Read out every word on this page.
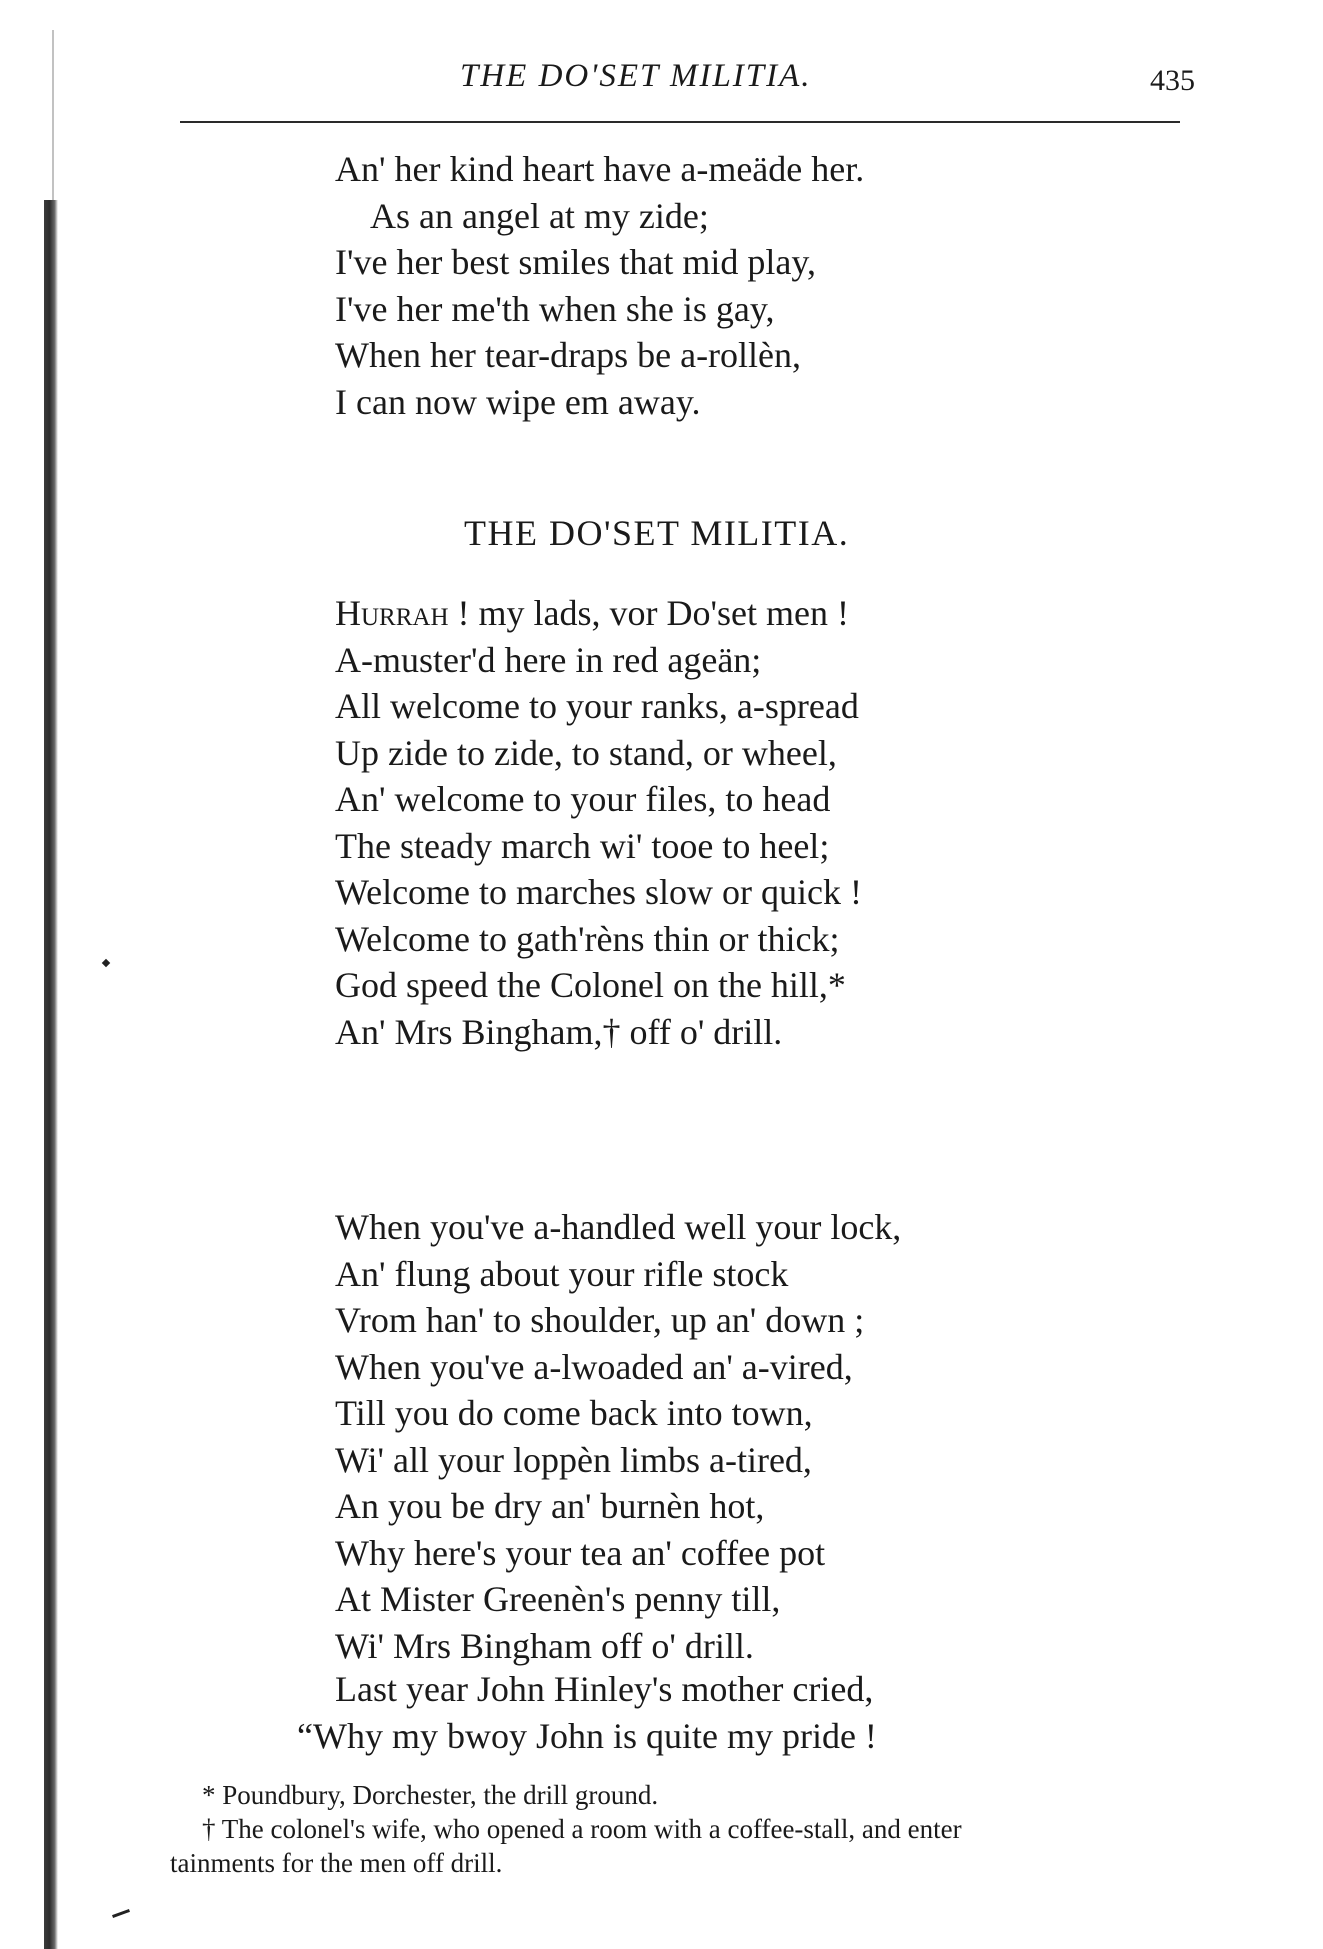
THE DO'SET MILITIA.	435
An' her kind heart have a-meäde her.
As an angel at my zide;
I've her best smiles that mid play,
I've her me'th when she is gay,
When her tear-draps be a-rollèn,
I can now wipe em away.
THE DO'SET MILITIA.
Hurrah ! my lads, vor Do'set men !
A-muster'd here in red ageän;
All welcome to your ranks, a-spread
Up zide to zide, to stand, or wheel,
An' welcome to your files, to head
The steady march wi' tooe to heel;
Welcome to marches slow or quick !
Welcome to gath'rèns thin or thick;
God speed the Colonel on the hill,*
An' Mrs Bingham,† off o' drill.
When you've a-handled well your lock,
An' flung about your rifle stock
Vrom han' to shoulder, up an' down ;
When you've a-lwoaded an' a-vired,
Till you do come back into town,
Wi' all your loppèn limbs a-tired,
An you be dry an' burnèn hot,
Why here's your tea an' coffee pot
At Mister Greenèn's penny till,
Wi' Mrs Bingham off o' drill.
Last year John Hinley's mother cried,
“Why my bwoy John is quite my pride !
* Poundbury, Dorchester, the drill ground.
† The colonel's wife, who opened a room with a coffee-stall, and enter
tainments for the men off drill.
